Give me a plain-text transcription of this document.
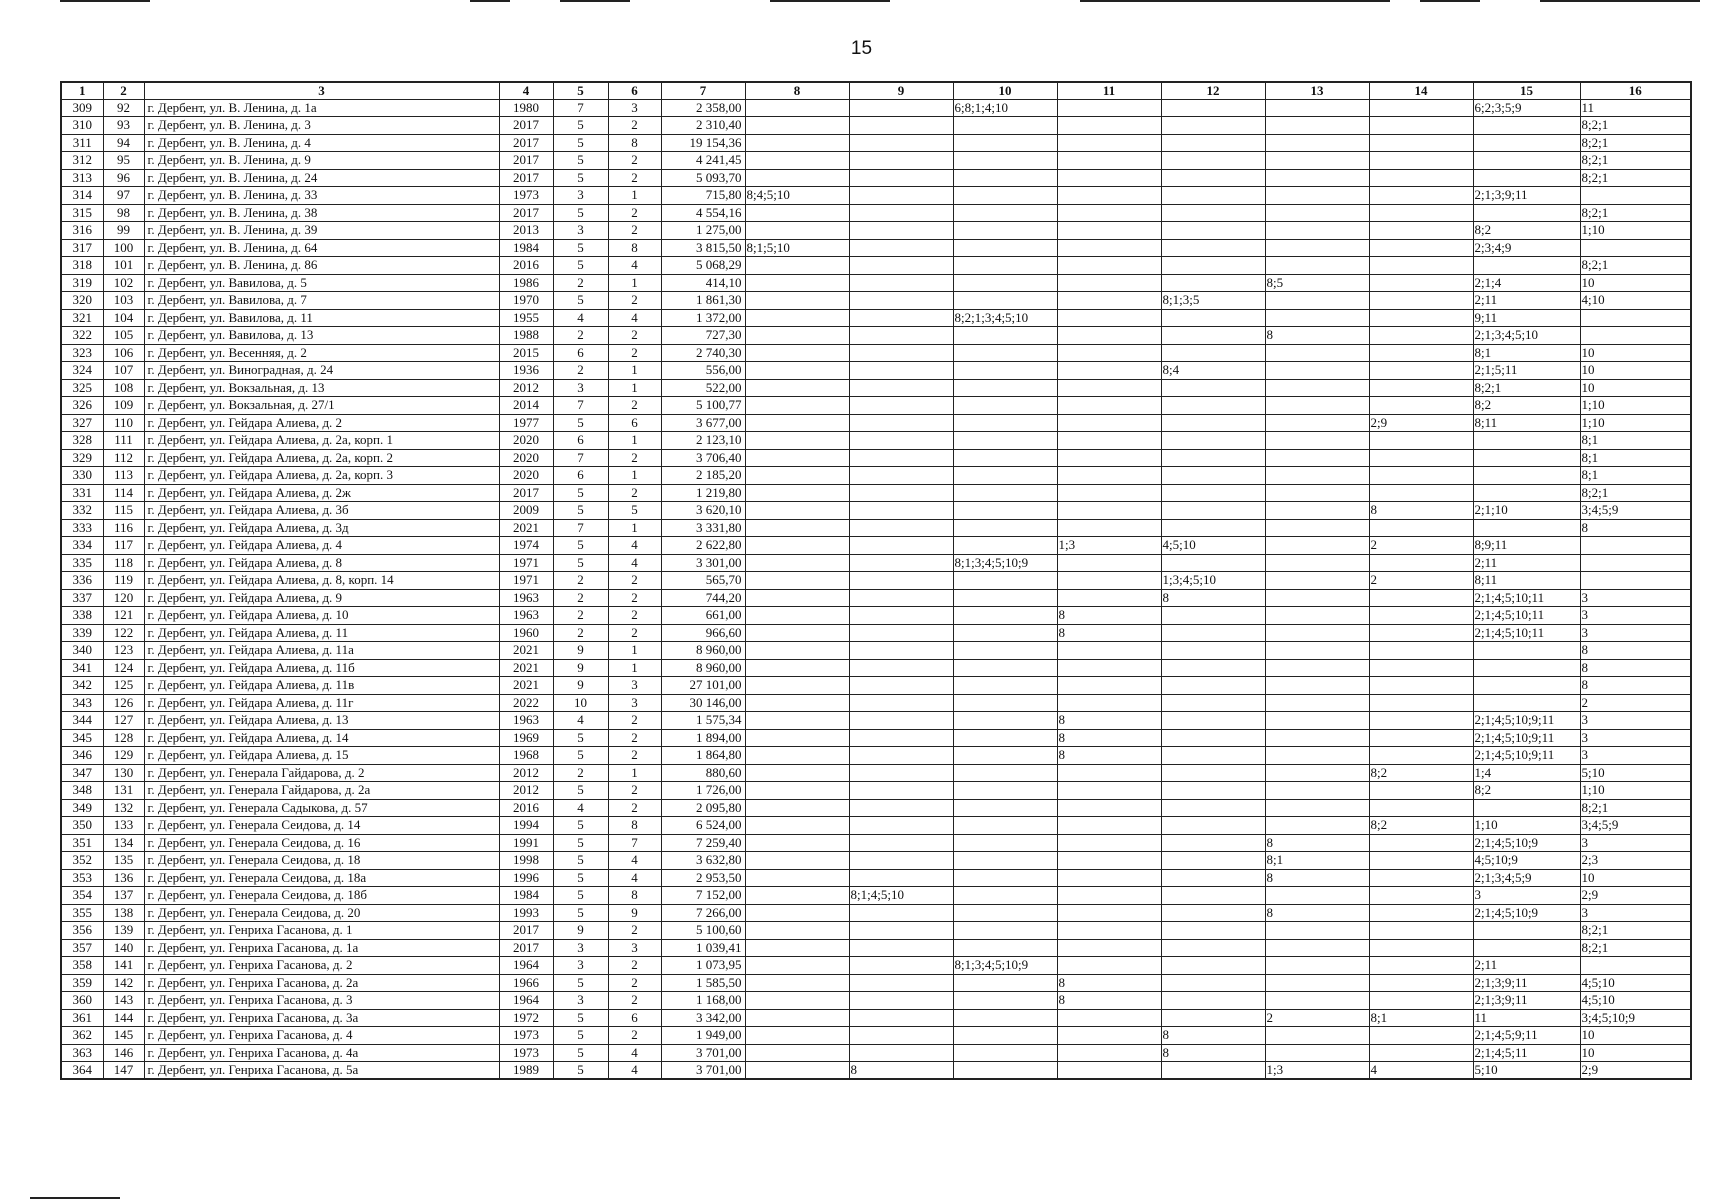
15
1	2	3	4	5	6	7	8	9	10	11	12	13	14	15	16
309	92	г. Дербент, ул. В. Ленина, д. 1а	1980	7	3	2 358,00			6;8;1;4;10					6;2;3;5;9	11
310	93	г. Дербент, ул. В. Ленина, д. 3	2017	5	2	2 310,40									8;2;1
311	94	г. Дербент, ул. В. Ленина, д. 4	2017	5	8	19 154,36									8;2;1
312	95	г. Дербент, ул. В. Ленина, д. 9	2017	5	2	4 241,45									8;2;1
313	96	г. Дербент, ул. В. Ленина, д. 24	2017	5	2	5 093,70									8;2;1
314	97	г. Дербент, ул. В. Ленина, д. 33	1973	3	1	715,80	8;4;5;10							2;1;3;9;11	
315	98	г. Дербент, ул. В. Ленина, д. 38	2017	5	2	4 554,16									8;2;1
316	99	г. Дербент, ул. В. Ленина, д. 39	2013	3	2	1 275,00								8;2	1;10
317	100	г. Дербент, ул. В. Ленина, д. 64	1984	5	8	3 815,50	8;1;5;10							2;3;4;9	
318	101	г. Дербент, ул. В. Ленина, д. 86	2016	5	4	5 068,29									8;2;1
319	102	г. Дербент, ул. Вавилова, д. 5	1986	2	1	414,10						8;5		2;1;4	10
320	103	г. Дербент, ул. Вавилова, д. 7	1970	5	2	1 861,30					8;1;3;5			2;11	4;10
321	104	г. Дербент, ул. Вавилова, д. 11	1955	4	4	1 372,00			8;2;1;3;4;5;10					9;11	
322	105	г. Дербент, ул. Вавилова, д. 13	1988	2	2	727,30						8		2;1;3;4;5;10	
323	106	г. Дербент, ул. Весенняя, д. 2	2015	6	2	2 740,30								8;1	10
324	107	г. Дербент, ул. Виноградная, д. 24	1936	2	1	556,00					8;4			2;1;5;11	10
325	108	г. Дербент, ул. Вокзальная, д. 13	2012	3	1	522,00								8;2;1	10
326	109	г. Дербент, ул. Вокзальная, д. 27/1	2014	7	2	5 100,77								8;2	1;10
327	110	г. Дербент, ул. Гейдара Алиева, д. 2	1977	5	6	3 677,00							2;9	8;11	1;10
328	111	г. Дербент, ул. Гейдара Алиева, д. 2а, корп. 1	2020	6	1	2 123,10									8;1
329	112	г. Дербент, ул. Гейдара Алиева, д. 2а, корп. 2	2020	7	2	3 706,40									8;1
330	113	г. Дербент, ул. Гейдара Алиева, д. 2а, корп. 3	2020	6	1	2 185,20									8;1
331	114	г. Дербент, ул. Гейдара Алиева, д. 2ж	2017	5	2	1 219,80									8;2;1
332	115	г. Дербент, ул. Гейдара Алиева, д. 3б	2009	5	5	3 620,10							8	2;1;10	3;4;5;9
333	116	г. Дербент, ул. Гейдара Алиева, д. 3д	2021	7	1	3 331,80									8
334	117	г. Дербент, ул. Гейдара Алиева, д. 4	1974	5	4	2 622,80				1;3	4;5;10		2	8;9;11	
335	118	г. Дербент, ул. Гейдара Алиева, д. 8	1971	5	4	3 301,00			8;1;3;4;5;10;9					2;11	
336	119	г. Дербент, ул. Гейдара Алиева, д. 8, корп. 14	1971	2	2	565,70					1;3;4;5;10		2	8;11	
337	120	г. Дербент, ул. Гейдара Алиева, д. 9	1963	2	2	744,20					8			2;1;4;5;10;11	3
338	121	г. Дербент, ул. Гейдара Алиева, д. 10	1963	2	2	661,00				8				2;1;4;5;10;11	3
339	122	г. Дербент, ул. Гейдара Алиева, д. 11	1960	2	2	966,60				8				2;1;4;5;10;11	3
340	123	г. Дербент, ул. Гейдара Алиева, д. 11а	2021	9	1	8 960,00									8
341	124	г. Дербент, ул. Гейдара Алиева, д. 11б	2021	9	1	8 960,00									8
342	125	г. Дербент, ул. Гейдара Алиева, д. 11в	2021	9	3	27 101,00									8
343	126	г. Дербент, ул. Гейдара Алиева, д. 11г	2022	10	3	30 146,00									2
344	127	г. Дербент, ул. Гейдара Алиева, д. 13	1963	4	2	1 575,34				8				2;1;4;5;10;9;11	3
345	128	г. Дербент, ул. Гейдара Алиева, д. 14	1969	5	2	1 894,00				8				2;1;4;5;10;9;11	3
346	129	г. Дербент, ул. Гейдара Алиева, д. 15	1968	5	2	1 864,80				8				2;1;4;5;10;9;11	3
347	130	г. Дербент, ул. Генерала Гайдарова, д. 2	2012	2	1	880,60							8;2	1;4	5;10
348	131	г. Дербент, ул. Генерала Гайдарова, д. 2а	2012	5	2	1 726,00								8;2	1;10
349	132	г. Дербент, ул. Генерала Садыкова, д. 57	2016	4	2	2 095,80									8;2;1
350	133	г. Дербент, ул. Генерала Сеидова, д. 14	1994	5	8	6 524,00							8;2	1;10	3;4;5;9
351	134	г. Дербент, ул. Генерала Сеидова, д. 16	1991	5	7	7 259,40						8		2;1;4;5;10;9	3
352	135	г. Дербент, ул. Генерала Сеидова, д. 18	1998	5	4	3 632,80						8;1		4;5;10;9	2;3
353	136	г. Дербент, ул. Генерала Сеидова, д. 18а	1996	5	4	2 953,50						8		2;1;3;4;5;9	10
354	137	г. Дербент, ул. Генерала Сеидова, д. 18б	1984	5	8	7 152,00		8;1;4;5;10						3	2;9
355	138	г. Дербент, ул. Генерала Сеидова, д. 20	1993	5	9	7 266,00						8		2;1;4;5;10;9	3
356	139	г. Дербент, ул. Генриха Гасанова, д. 1	2017	9	2	5 100,60									8;2;1
357	140	г. Дербент, ул. Генриха Гасанова, д. 1а	2017	3	3	1 039,41									8;2;1
358	141	г. Дербент, ул. Генриха Гасанова, д. 2	1964	3	2	1 073,95			8;1;3;4;5;10;9					2;11	
359	142	г. Дербент, ул. Генриха Гасанова, д. 2а	1966	5	2	1 585,50				8				2;1;3;9;11	4;5;10
360	143	г. Дербент, ул. Генриха Гасанова, д. 3	1964	3	2	1 168,00				8				2;1;3;9;11	4;5;10
361	144	г. Дербент, ул. Генриха Гасанова, д. 3а	1972	5	6	3 342,00						2	8;1	11	3;4;5;10;9
362	145	г. Дербент, ул. Генриха Гасанова, д. 4	1973	5	2	1 949,00					8			2;1;4;5;9;11	10
363	146	г. Дербент, ул. Генриха Гасанова, д. 4а	1973	5	4	3 701,00					8			2;1;4;5;11	10
364	147	г. Дербент, ул. Генриха Гасанова, д. 5а	1989	5	4	3 701,00		8				1;3	4	5;10	2;9
